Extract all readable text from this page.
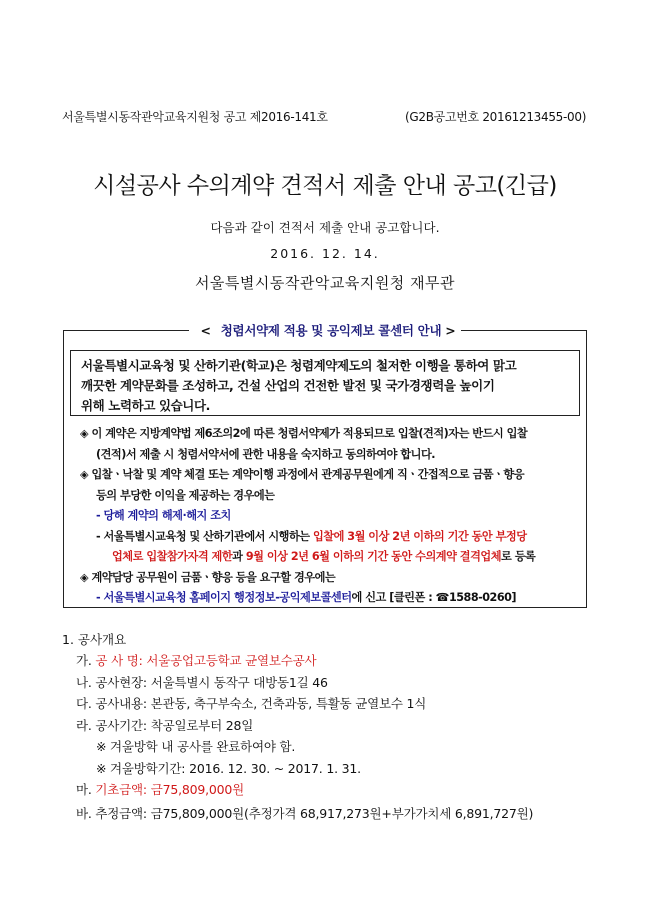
서울특별시동작관악교육지원청 공고 제2016-141호	(G2B공고번호 20161213455-00)
시설공사 수의계약 견적서 제출 안내 공고(긴급)
다음과 같이 견적서 제출 안내 공고합니다.
2016. 12. 14.
서울특별시동작관악교육지원청 재무관
< 청렴서약제 적용 및 공익제보 콜센터 안내 >
서울특별시교육청 및 산하기관(학교)은 청렴계약제도의 철저한 이행을 통하여 맑고
깨끗한 계약문화를 조성하고, 건설 산업의 건전한 발전 및 국가경쟁력을 높이기
위해 노력하고 있습니다.
◈ 이 계약은 지방계약법 제6조의2에 따른 청렴서약제가 적용되므로 입찰(견적)자는 반드시 입찰
(견적)서 제출 시 청렴서약서에 관한 내용을 숙지하고 동의하여야 합니다.
◈ 입찰ㆍ낙찰 및 계약 체결 또는 계약이행 과정에서 관계공무원에게 직ㆍ간접적으로 금품ㆍ향응
등의 부당한 이익을 제공하는 경우에는
- 당해 계약의 해제·해지 조치
- 서울특별시교육청 및 산하기관에서 시행하는 입찰에 3월 이상 2년 이하의 기간 동안 부정당
업체로 입찰참가자격 제한과 9월 이상 2년 6월 이하의 기간 동안 수의계약 결격업체로 등록
◈ 계약담당 공무원이 금품ㆍ향응 등을 요구할 경우에는
- 서울특별시교육청 홈페이지 행정정보-공익제보콜센터에 신고 [클린폰 : ☎1588-0260]
1. 공사개요
가. 공 사 명: 서울공업고등학교 균열보수공사
나. 공사현장: 서울특별시 동작구 대방동1길 46
다. 공사내용: 본관동, 축구부숙소, 건축과동, 특활동 균열보수 1식
라. 공사기간: 착공일로부터 28일
※ 겨울방학 내 공사를 완료하여야 함.
※ 겨울방학기간: 2016. 12. 30. ~ 2017. 1. 31.
마. 기초금액: 금75,809,000원
바. 추정금액: 금75,809,000원(추정가격 68,917,273원+부가가치세 6,891,727원)
